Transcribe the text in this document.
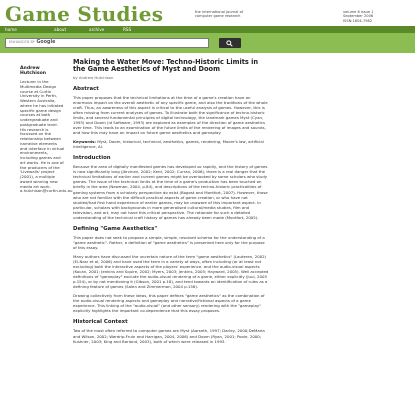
Game Studies	the international journal of computer game research
volume 6 issue 1
September 2006
ISSN:1604-7982
home	about	archive	RSS
ENHANCED BY Google
Andrew Hutchison
Lecturer in the Multimedia Design course at Curtin University in Perth, Western Australia, where he has initiated specific game design courses at both undergraduate and postgraduate level. His research is focussed on the relationship between narrative elements and interface in virtual environments, including games and art works. He is one of the producers of the 'Livewalls' project (2001), a multiple award winning new media art work. a.hutchison@curtin.edu.au
Making the Water Move: Techno-Historic Limits in the Game Aesthetics of Myst and Doom
by Andrew Hutchison
Abstract

This paper proposes that the technical limitations at the time of a game's creation have an enormous impact on the overall aesthetic of any specific game, and also the traditions of the whole craft. Thus, an awareness of this aspect is critical to the useful analysis of games. However, this is often missing from current analyses of games. To illustrate both the significance of techno-historic limits, and several fundamental principles of digital technology, the landmark games Myst (Cyan, 1993) and Doom (id Software, 1993) are explored as examples of the direction of game aesthetics over time. This leads to an examination of the future limits of the rendering of images and sounds, and how this may have an impact on future game aesthetics and gameplay.

Keywords: Myst, Doom, historical, technical, aesthetics, games, rendering, Moore's law, artificial intelligence, AI.

Introduction

Because the area of digitally manifested games has developed so rapidly, and the history of games is now significantly long (Järvinen, 2002; Kent, 2002; Curran, 2006), there is a real danger that the technical limitations of earlier and current games might be overlooked by some scholars who study games. The issue of the technical limits at the time of a game's production has been touched on briefly in the area (Newman, 2004, p.84), and descriptions of the techno-historic practicalities of gaming systems from a scholarly perspective do exist (Bogost and Montfort, 2007). However, those who are not familiar with the difficult practical aspects of game creation, or who have not studied/had first hand experience of earlier games, may be unaware of this important aspect. In particular, scholars with backgrounds in more generalised cultural/media studies, film and television, and art, may not have this critical perspective. The rationale for such a detailed understanding of the technical craft history of games has already been made (Montfort, 2005).

Defining "Game Aesthetics"

This paper does not seek to propose a simple, simple, resolved schema for the understanding of a "game aesthetic". Rather, a definition of "game aesthetics" is presented here only for the purpose of this essay.

Many authors have discussed the uncertain nature of the term "game aesthetics" (Lauteren, 2002) (El-Nasr et al, 2006) and have used the term in a variety of ways, often including (or at least not excluding) both the interactive aspects of the players' experience, and the audio-visual aspects (Kocan, 2001; Jenkins and Squire, 2002; Myers, 2003; Jenkins, 2005; Hayward, 2005). Well accepted definitions of "gameplay" exclude the audio-visual rendering of a game, either explicitly (Juul, 2005 p.154), or by not mentioning it (Gibson, 2001 p.18), and tend towards an identification of rules as a defining feature of games (Salen and Zimmerman, 2004 p.158).

Drawing collectively from these ideas, this paper defines "game aesthetics" as the combination of the audio-visual rendering aspects and gameplay and narrative/fictional aspects of a game experience. This linking of the "audio-visual" (and other sensory) rendering with the "gameplay" explicitly highlights the important co-dependence that this essay proposes.

Historical Context

Two of the most often referred to computer games are Myst (Aarseth, 1997; Darley, 2000;DeMaria and Wilson, 2002; Wardrip-Fruin and Harrigan, 2004, 2006) and Doom (Ryan, 2001; Poole, 2000; Kushner, 2003; King and Borland, 2003), both of which were released in 1993.
